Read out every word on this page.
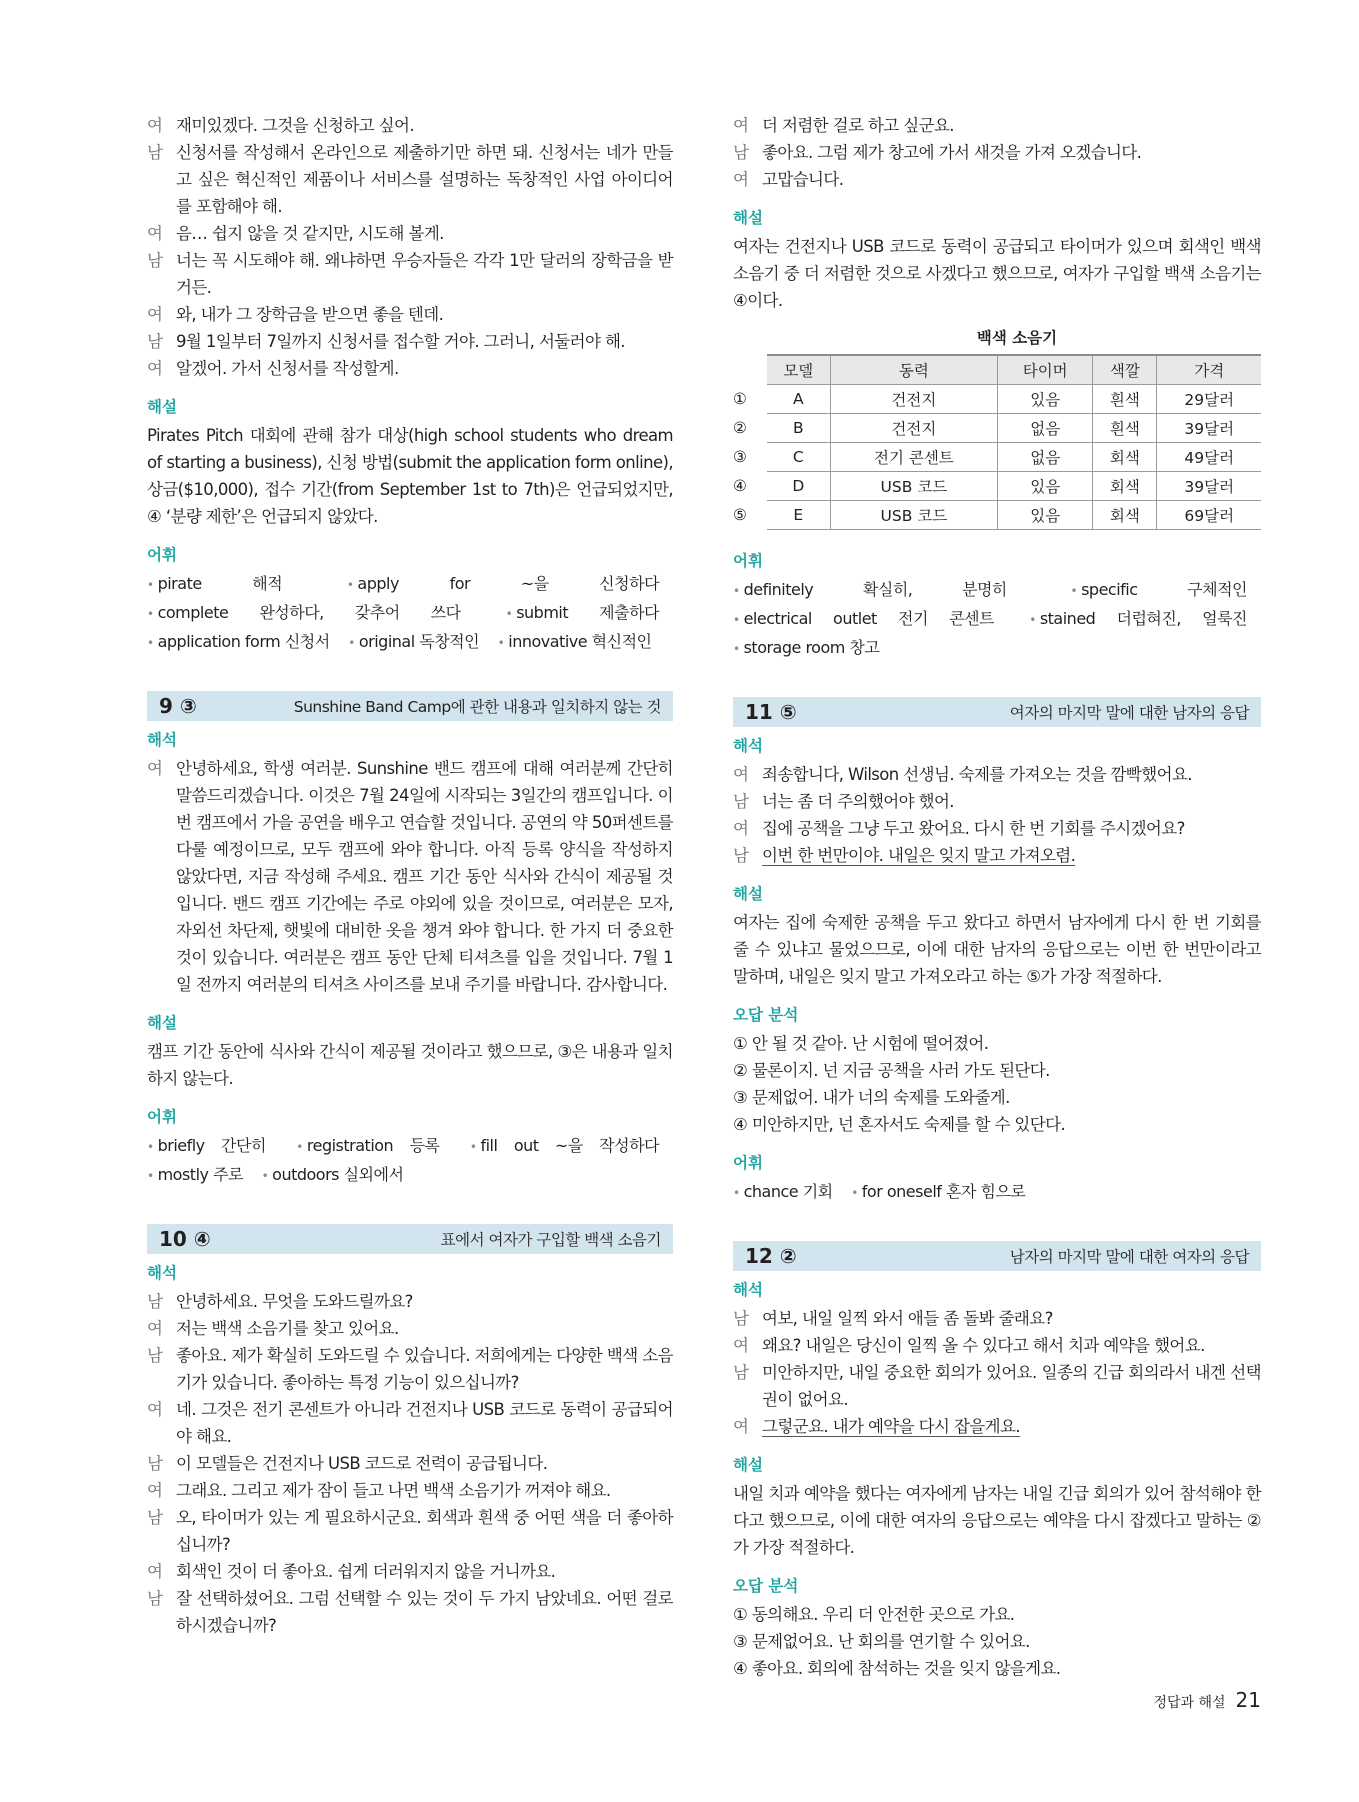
여 재미있겠다. 그것을 신청하고 싶어.
남 신청서를 작성해서 온라인으로 제출하기만 하면 돼. 신청서는 네가 만들고 싶은 혁신적인 제품이나 서비스를 설명하는 독창적인 사업 아이디어를 포함해야 해.
여 음… 쉽지 않을 것 같지만, 시도해 볼게.
남 너는 꼭 시도해야 해. 왜냐하면 우승자들은 각각 1만 달러의 장학금을 받거든.
여 와, 내가 그 장학금을 받으면 좋을 텐데.
남 9월 1일부터 7일까지 신청서를 접수할 거야. 그러니, 서둘러야 해.
여 알겠어. 가서 신청서를 작성할게.
해설
Pirates Pitch 대회에 관해 참가 대상(high school students who dream of starting a business), 신청 방법(submit the application form online), 상금($10,000), 접수 기간(from September 1st to 7th)은 언급되었지만, ④ ‘분량 제한’은 언급되지 않았다.
어휘
• pirate 해적	• apply for ~을 신청하다 • complete 완성하다, 갖추어 쓰다	• submit 제출하다 • application form 신청서 • original 독창적인 • innovative 혁신적인
9 ③	Sunshine Band Camp에 관한 내용과 일치하지 않는 것
해석
여 안녕하세요, 학생 여러분. Sunshine 밴드 캠프에 대해 여러분께 간단히 말씀드리겠습니다. 이것은 7월 24일에 시작되는 3일간의 캠프입니다. 이번 캠프에서 가을 공연을 배우고 연습할 것입니다. 공연의 약 50퍼센트를 다룰 예정이므로, 모두 캠프에 와야 합니다. 아직 등록 양식을 작성하지 않았다면, 지금 작성해 주세요. 캠프 기간 동안 식사와 간식이 제공될 것입니다. 밴드 캠프 기간에는 주로 야외에 있을 것이므로, 여러분은 모자, 자외선 차단제, 햇빛에 대비한 옷을 챙겨 와야 합니다. 한 가지 더 중요한 것이 있습니다. 여러분은 캠프 동안 단체 티셔츠를 입을 것입니다. 7월 1일 전까지 여러분의 티셔츠 사이즈를 보내 주기를 바랍니다. 감사합니다.
해설
캠프 기간 동안에 식사와 간식이 제공될 것이라고 했으므로, ③은 내용과 일치하지 않는다.
어휘
• briefly 간단히	• registration 등록	• fill out ~을 작성하다 • mostly 주로 • outdoors 실외에서
10 ④	표에서 여자가 구입할 백색 소음기
해석
남 안녕하세요. 무엇을 도와드릴까요?
여 저는 백색 소음기를 찾고 있어요.
남 좋아요. 제가 확실히 도와드릴 수 있습니다. 저희에게는 다양한 백색 소음기가 있습니다. 좋아하는 특정 기능이 있으십니까?
여 네. 그것은 전기 콘센트가 아니라 건전지나 USB 코드로 동력이 공급되어야 해요.
남 이 모델들은 건전지나 USB 코드로 전력이 공급됩니다.
여 그래요. 그리고 제가 잠이 들고 나면 백색 소음기가 꺼져야 해요.
남 오, 타이머가 있는 게 필요하시군요. 회색과 흰색 중 어떤 색을 더 좋아하십니까?
여 회색인 것이 더 좋아요. 쉽게 더러워지지 않을 거니까요.
남 잘 선택하셨어요. 그럼 선택할 수 있는 것이 두 가지 남았네요. 어떤 걸로 하시겠습니까?
여 더 저렴한 걸로 하고 싶군요.
남 좋아요. 그럼 제가 창고에 가서 새것을 가져 오겠습니다.
여 고맙습니다.
해설
여자는 건전지나 USB 코드로 동력이 공급되고 타이머가 있으며 회색인 백색 소음기 중 더 저렴한 것으로 사겠다고 했으므로, 여자가 구입할 백색 소음기는 ④이다.
백색 소음기
	모델	동력	타이머	색깔	가격
①	A	건전지	있음	흰색	29달러
②	B	건전지	없음	흰색	39달러
③	C	전기 콘센트	없음	회색	49달러
④	D	USB 코드	있음	회색	39달러
⑤	E	USB 코드	있음	회색	69달러
어휘
• definitely 확실히, 분명히	• specific 구체적인 • electrical outlet 전기 콘센트	• stained 더럽혀진, 얼룩진 • storage room 창고
11 ⑤	여자의 마지막 말에 대한 남자의 응답
해석
여 죄송합니다, Wilson 선생님. 숙제를 가져오는 것을 깜빡했어요.
남 너는 좀 더 주의했어야 했어.
여 집에 공책을 그냥 두고 왔어요. 다시 한 번 기회를 주시겠어요?
남 이번 한 번만이야. 내일은 잊지 말고 가져오렴.
해설
여자는 집에 숙제한 공책을 두고 왔다고 하면서 남자에게 다시 한 번 기회를 줄 수 있냐고 물었으므로, 이에 대한 남자의 응답으로는 이번 한 번만이라고 말하며, 내일은 잊지 말고 가져오라고 하는 ⑤가 가장 적절하다.
오답 분석
① 안 될 것 같아. 난 시험에 떨어졌어.
② 물론이지. 넌 지금 공책을 사러 가도 된단다.
③ 문제없어. 내가 너의 숙제를 도와줄게.
④ 미안하지만, 넌 혼자서도 숙제를 할 수 있단다.
어휘
• chance 기회 • for oneself 혼자 힘으로
12 ②	남자의 마지막 말에 대한 여자의 응답
해석
남 여보, 내일 일찍 와서 애들 좀 돌봐 줄래요?
여 왜요? 내일은 당신이 일찍 올 수 있다고 해서 치과 예약을 했어요.
남 미안하지만, 내일 중요한 회의가 있어요. 일종의 긴급 회의라서 내겐 선택권이 없어요.
여 그렇군요. 내가 예약을 다시 잡을게요.
해설
내일 치과 예약을 했다는 여자에게 남자는 내일 긴급 회의가 있어 참석해야 한다고 했으므로, 이에 대한 여자의 응답으로는 예약을 다시 잡겠다고 말하는 ②가 가장 적절하다.
오답 분석
① 동의해요. 우리 더 안전한 곳으로 가요.
③ 문제없어요. 난 회의를 연기할 수 있어요.
④ 좋아요. 회의에 참석하는 것을 잊지 않을게요.
정답과 해설 21
